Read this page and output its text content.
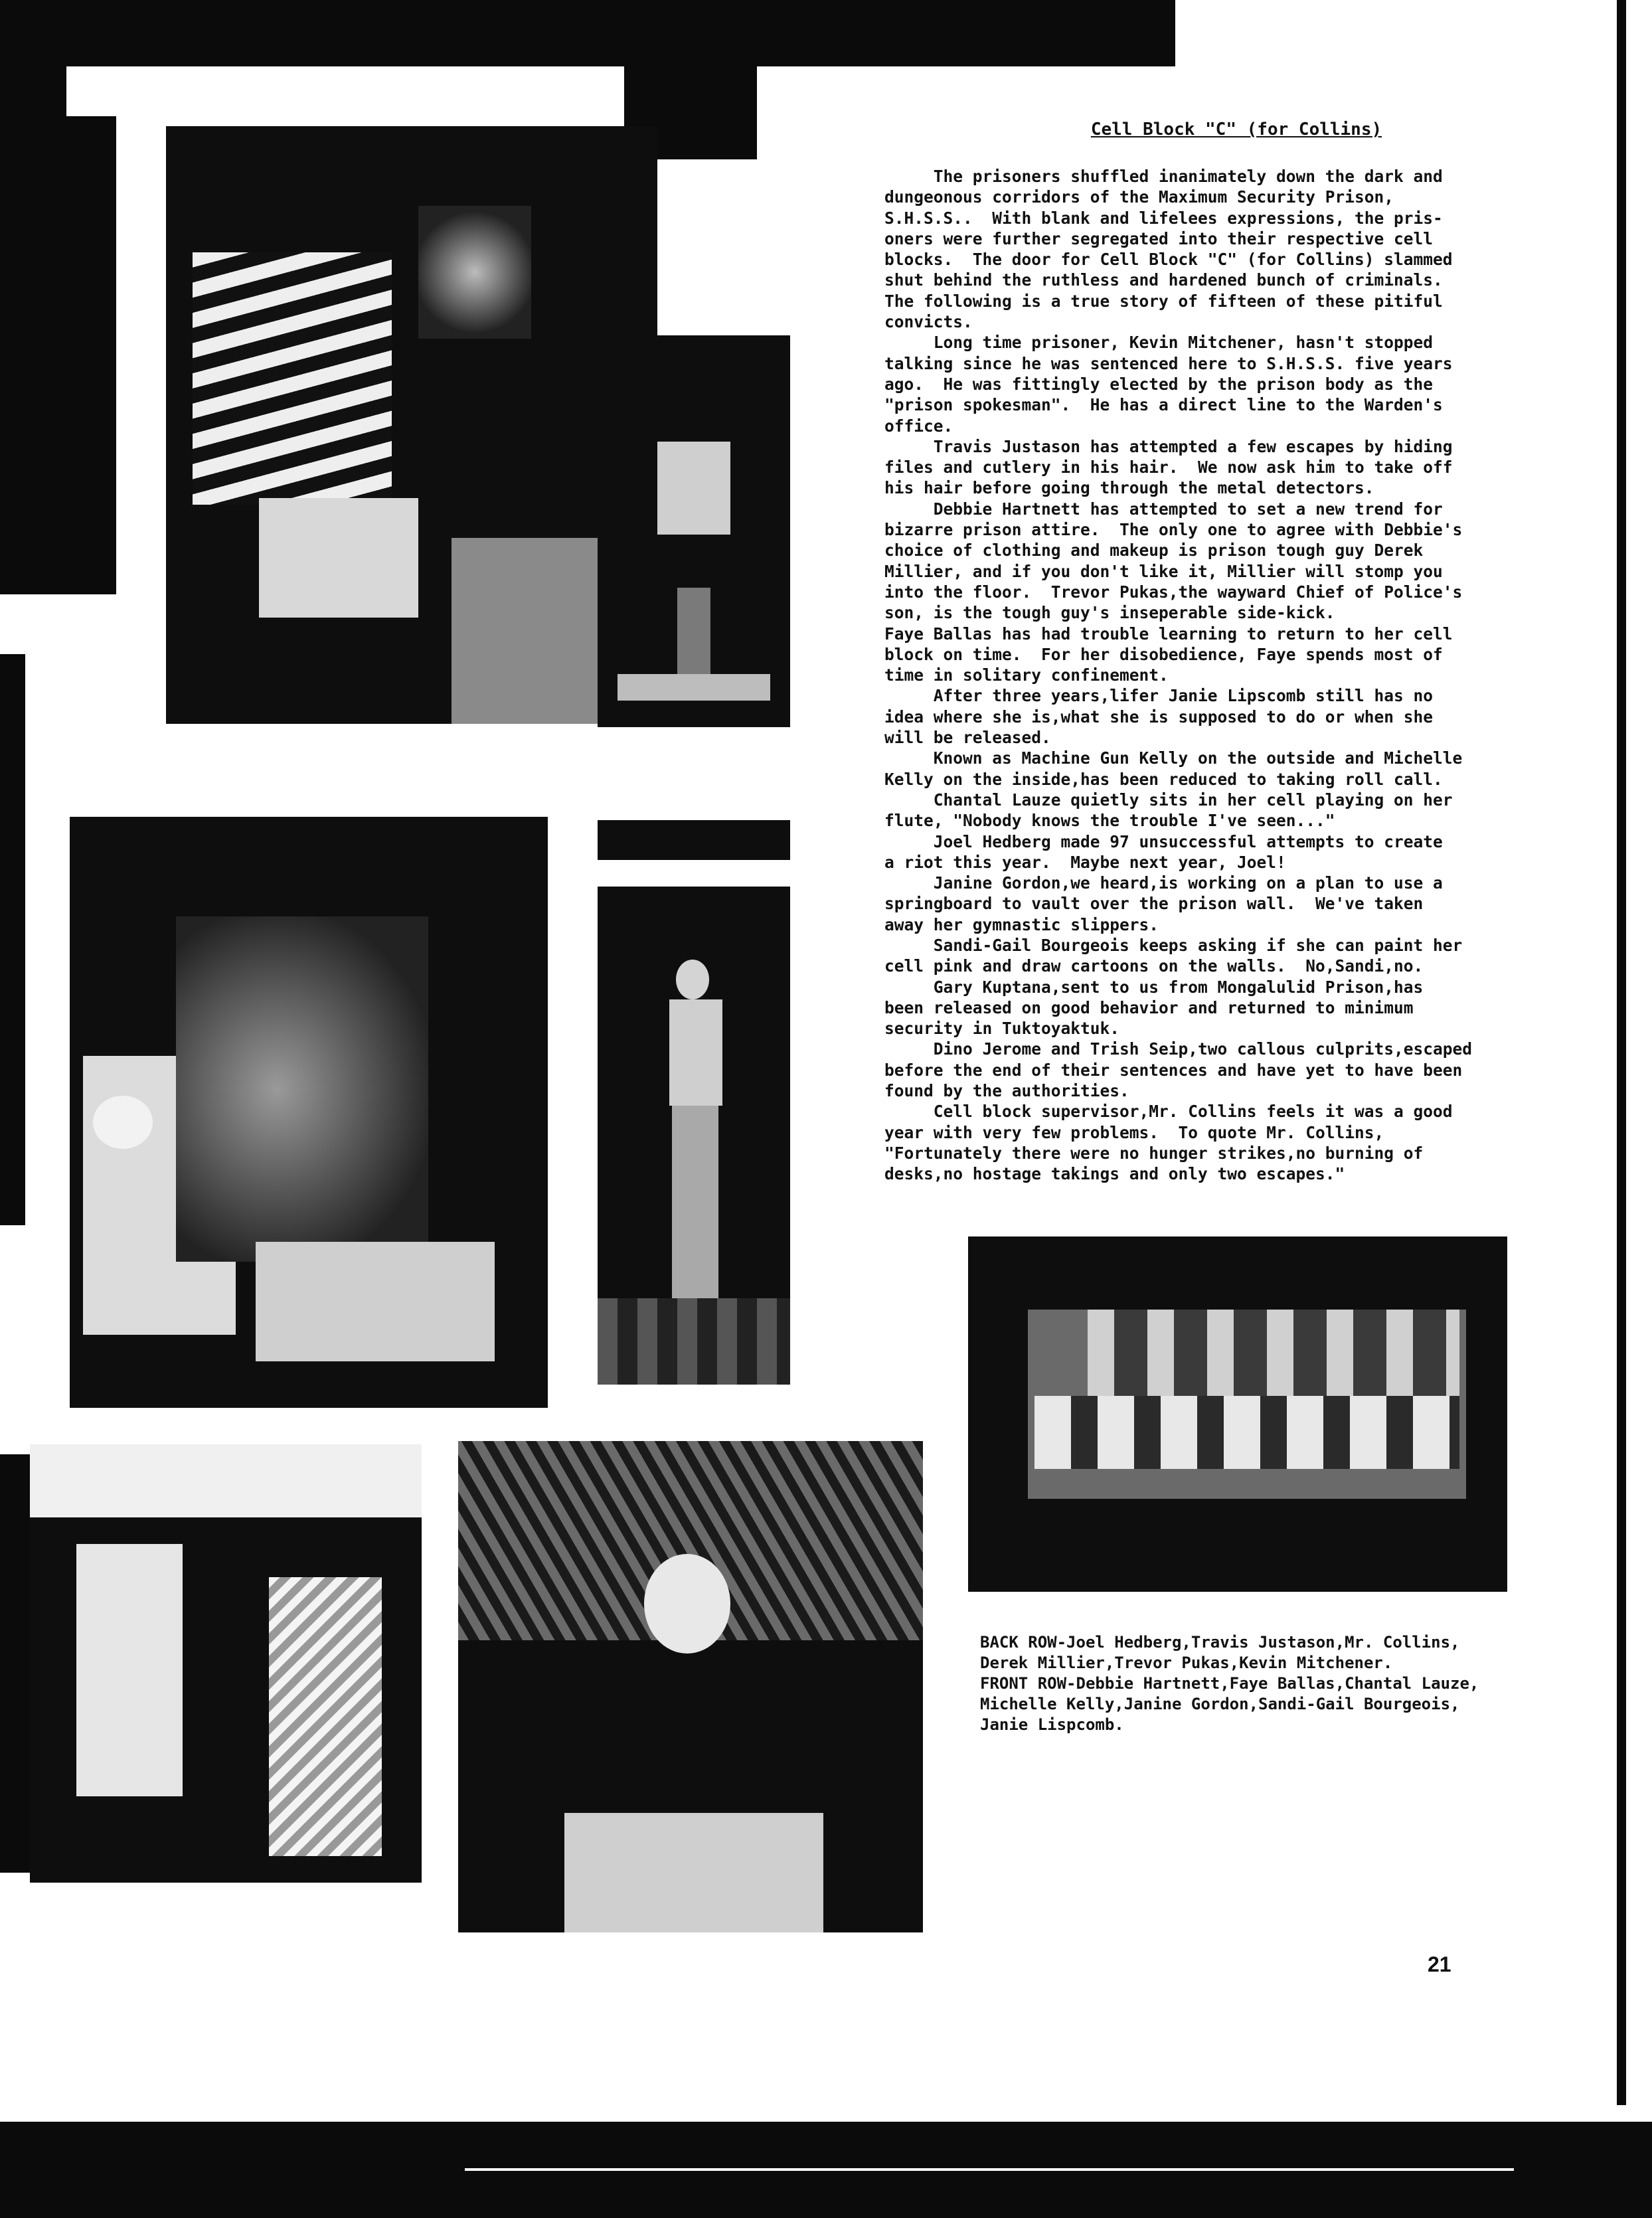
Cell Block "C" (for Collins)

The prisoners shuffled inanimately down the dark and
dungeonous corridors of the Maximum Security Prison,
S.H.S.S..  With blank and lifelees expressions, the pris-
oners were further segregated into their respective cell
blocks.  The door for Cell Block "C" (for Collins) slammed
shut behind the ruthless and hardened bunch of criminals.
The following is a true story of fifteen of these pitiful
convicts.

Long time prisoner, Kevin Mitchener, hasn't stopped
talking since he was sentenced here to S.H.S.S. five years
ago.  He was fittingly elected by the prison body as the
"prison spokesman".  He has a direct line to the Warden's
office.

Travis Justason has attempted a few escapes by hiding
files and cutlery in his hair.  We now ask him to take off
his hair before going through the metal detectors.

Debbie Hartnett has attempted to set a new trend for
bizarre prison attire.  The only one to agree with Debbie's
choice of clothing and makeup is prison tough guy Derek
Millier, and if you don't like it, Millier will stomp you
into the floor.  Trevor Pukas,the wayward Chief of Police's
son, is the tough guy's inseperable side-kick.

Faye Ballas has had trouble learning to return to her cell
block on time.  For her disobedience, Faye spends most of
time in solitary confinement.

After three years,lifer Janie Lipscomb still has no
idea where she is,what she is supposed to do or when she
will be released.

Known as Machine Gun Kelly on the outside and Michelle
Kelly on the inside,has been reduced to taking roll call.

Chantal Lauze quietly sits in her cell playing on her
flute, "Nobody knows the trouble I've seen..."

Joel Hedberg made 97 unsuccessful attempts to create
a riot this year.  Maybe next year, Joel!

Janine Gordon,we heard,is working on a plan to use a
springboard to vault over the prison wall.  We've taken
away her gymnastic slippers.

Sandi-Gail Bourgeois keeps asking if she can paint her
cell pink and draw cartoons on the walls.  No,Sandi,no.

Gary Kuptana,sent to us from Mongalulid Prison,has
been released on good behavior and returned to minimum
security in Tuktoyaktuk.

Dino Jerome and Trish Seip,two callous culprits,escaped
before the end of their sentences and have yet to have been
found by the authorities.

Cell block supervisor,Mr. Collins feels it was a good
year with very few problems.  To quote Mr. Collins,
"Fortunately there were no hunger strikes,no burning of
desks,no hostage takings and only two escapes."

BACK ROW-Joel Hedberg,Travis Justason,Mr. Collins,
Derek Millier,Trevor Pukas,Kevin Mitchener.
FRONT ROW-Debbie Hartnett,Faye Ballas,Chantal Lauze,
Michelle Kelly,Janine Gordon,Sandi-Gail Bourgeois,
Janie Lispcomb.
21
